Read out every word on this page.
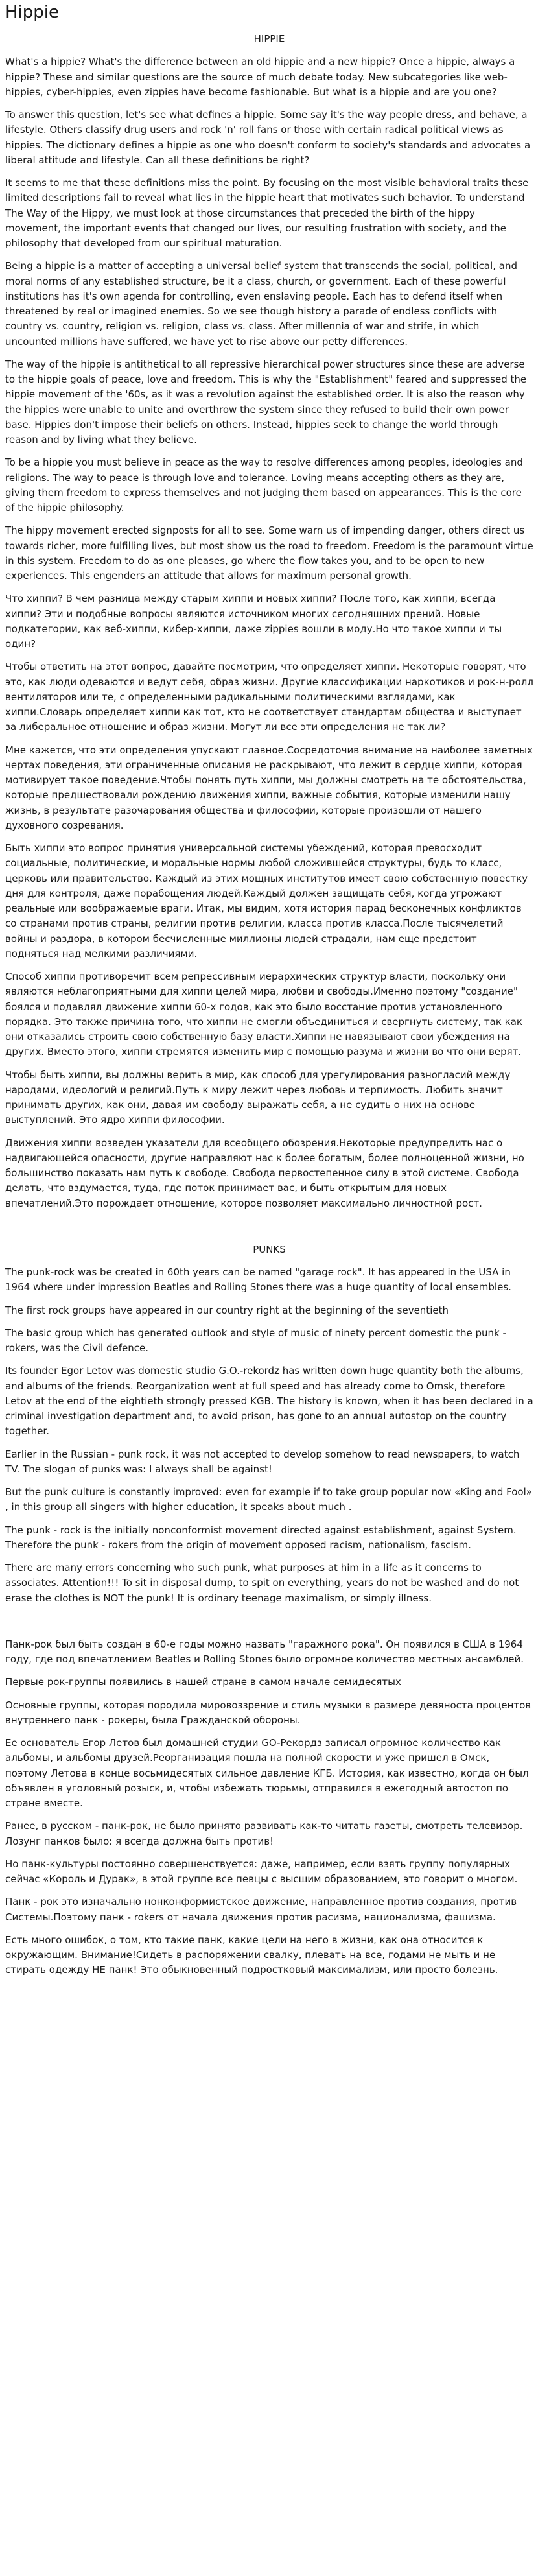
Hippie
HIPPIE

What's a hippie? What's the difference between an old hippie and a new hippie? Once a hippie, always a hippie? These and similar questions are the source of much debate today. New subcategories like web-hippies, cyber-hippies, even zippies have become fashionable. But what is a hippie and are you one?

To answer this question, let's see what defines a hippie. Some say it's the way people dress, and behave, a lifestyle. Others classify drug users and rock 'n' roll fans or those with certain radical political views as hippies. The dictionary defines a hippie as one who doesn't conform to society's standards and advocates a liberal attitude and lifestyle. Can all these definitions be right?

It seems to me that these definitions miss the point. By focusing on the most visible behavioral traits these limited descriptions fail to reveal what lies in the hippie heart that motivates such behavior. To understand The Way of the Hippy, we must look at those circumstances that preceded the birth of the hippy movement, the important events that changed our lives, our resulting frustration with society, and the philosophy that developed from our spiritual maturation.

Being a hippie is a matter of accepting a universal belief system that transcends the social, political, and moral norms of any established structure, be it a class, church, or government. Each of these powerful institutions has it's own agenda for controlling, even enslaving people. Each has to defend itself when threatened by real or imagined enemies. So we see though history a parade of endless conflicts with country vs. country, religion vs. religion, class vs. class. After millennia of war and strife, in which uncounted millions have suffered, we have yet to rise above our petty differences.

The way of the hippie is antithetical to all repressive hierarchical power structures since these are adverse to the hippie goals of peace, love and freedom. This is why the "Establishment" feared and suppressed the hippie movement of the '60s, as it was a revolution against the established order. It is also the reason why the hippies were unable to unite and overthrow the system since they refused to build their own power base. Hippies don't impose their beliefs on others. Instead, hippies seek to change the world through reason and by living what they believe.

To be a hippie you must believe in peace as the way to resolve differences among peoples, ideologies and religions. The way to peace is through love and tolerance. Loving means accepting others as they are, giving them freedom to express themselves and not judging them based on appearances. This is the core of the hippie philosophy.

The hippy movement erected signposts for all to see. Some warn us of impending danger, others direct us towards richer, more fulfilling lives, but most show us the road to freedom. Freedom is the paramount virtue in this system. Freedom to do as one pleases, go where the flow takes you, and to be open to new experiences. This engenders an attitude that allows for maximum personal growth.

Что хиппи? В чем разница между старым хиппи и новых хиппи? После того, как хиппи, всегда хиппи? Эти и подобные вопросы являются источником многих сегодняшних прений. Новые подкатегории, как веб-хиппи, кибер-хиппи, даже zippies вошли в моду.Но что такое хиппи и ты один?

Чтобы ответить на этот вопрос, давайте посмотрим, что определяет хиппи. Некоторые говорят, что это, как люди одеваются и ведут себя, образ жизни. Другие классификации наркотиков и рок-н-ролл вентиляторов или те, с определенными радикальными политическими взглядами, как хиппи.Словарь определяет хиппи как тот, кто не соответствует стандартам общества и выступает за либеральное отношение и образ жизни. Могут ли все эти определения не так ли?

Мне кажется, что эти определения упускают главное.Сосредоточив внимание на наиболее заметных чертах поведения, эти ограниченные описания не раскрывают, что лежит в сердце хиппи, которая мотивирует такое поведение.Чтобы понять путь хиппи, мы должны смотреть на те обстоятельства, которые предшествовали рождению движения хиппи, важные события, которые изменили нашу жизнь, в результате разочарования общества и философии, которые произошли от нашего духовного созревания.

Быть хиппи это вопрос принятия универсальной системы убеждений, которая превосходит социальные, политические, и моральные нормы любой сложившейся структуры, будь то класс, церковь или правительство. Каждый из этих мощных институтов имеет свою собственную повестку дня для контроля, даже порабощения людей.Каждый должен защищать себя, когда угрожают реальные или воображаемые враги. Итак, мы видим, хотя история парад бесконечных конфликтов со странами против страны, религии против религии, класса против класса.После тысячелетий войны и раздора, в котором бесчисленные миллионы людей страдали, нам еще предстоит подняться над мелкими различиями.

Способ хиппи противоречит всем репрессивным иерархических структур власти, поскольку они являются неблагоприятными для хиппи целей мира, любви и свободы.Именно поэтому "создание" боялся и подавлял движение хиппи 60-х годов, как это было восстание против установленного порядка. Это также причина того, что хиппи не смогли объединиться и свергнуть систему, так как они отказались строить свою собственную базу власти.Хиппи не навязывают свои убеждения на других. Вместо этого, хиппи стремятся изменить мир с помощью разума и жизни во что они верят.

Чтобы быть хиппи, вы должны верить в мир, как способ для урегулирования разногласий между народами, идеологий и религий.Путь к миру лежит через любовь и терпимость. Любить значит принимать других, как они, давая им свободу выражать себя, а не судить о них на основе выступлений. Это ядро хиппи философии.

Движения хиппи возведен указатели для всеобщего обозрения.Некоторые предупредить нас о надвигающейся опасности, другие направляют нас к более богатым, более полноценной жизни, но большинство показать нам путь к свободе. Свобода первостепенное силу в этой системе. Свобода делать, что вздумается, туда, где поток принимает вас, и быть открытым для новых впечатлений.Это порождает отношение, которое позволяет максимально личностной рост.

PUNKS

The punk-rock was be created in 60th years can be named "garage rock". It has appeared in the USA in 1964 where under impression Beatles and Rolling Stones there was a huge quantity of local ensembles.

The first rock groups have appeared in our country right at the beginning of the seventieth

The basic group which has generated outlook and style of music of ninety percent domestic the punk - rokers, was the Civil defence.

Its founder Egor Letov was domestic studio G.O.-rekordz has written down huge quantity both the albums, and albums of the friends. Reorganization went at full speed and has already come to Omsk, therefore Letov at the end of the eightieth strongly pressed KGB. The history is known, when it has been declared in a criminal investigation department and, to avoid prison, has gone to an annual autostop on the country together.

Earlier in the Russian - punk rock, it was not accepted to develop somehow to read newspapers, to watch TV. The slogan of punks was: I always shall be against!

But the punk culture is constantly improved: even for example if to take group popular now «King and Fool» , in this group all singers with higher education, it speaks about much .

The punk - rock is the initially nonconformist movement directed against establishment, against System. Therefore the punk - rokers from the origin of movement opposed racism, nationalism, fascism.

There are many errors concerning who such punk, what purposes at him in a life as it concerns to associates. Attention!!! To sit in disposal dump, to spit on everything, years do not be washed and do not erase the clothes is NOT the punk! It is ordinary teenage maximalism, or simply illness.

Панк-рок был быть создан в 60-е годы можно назвать "гаражного рока". Он появился в США в 1964 году, где под впечатлением Beatles и Rolling Stones было огромное количество местных ансамблей.

Первые рок-группы появились в нашей стране в самом начале семидесятых

Основные группы, которая породила мировоззрение и стиль музыки в размере девяноста процентов внутреннего панк - рокеры, была Гражданской обороны.

Ее основатель Егор Летов был домашней студии GO-Рекордз записал огромное количество как альбомы, и альбомы друзей.Реорганизация пошла на полной скорости и уже пришел в Омск, поэтому Летова в конце восьмидесятых сильное давление КГБ. История, как известно, когда он был объявлен в уголовный розыск, и, чтобы избежать тюрьмы, отправился в ежегодный автостоп по стране вместе.

Ранее, в русском - панк-рок, не было принято развивать как-то читать газеты, смотреть телевизор. Лозунг панков было: я всегда должна быть против!

Но панк-культуры постоянно совершенствуется: даже, например, если взять группу популярных сейчас «Король и Дурак», в этой группе все певцы с высшим образованием, это говорит о многом.

Панк - рок это изначально нонконформистское движение, направленное против создания, против Системы.Поэтому панк - rokers от начала движения против расизма, национализма, фашизма.

Есть много ошибок, о том, кто такие панк, какие цели на него в жизни, как она относится к окружающим. Внимание!Сидеть в распоряжении свалку, плевать на все, годами не мыть и не стирать одежду НЕ панк! Это обыкновенный подростковый максимализм, или просто болезнь.
